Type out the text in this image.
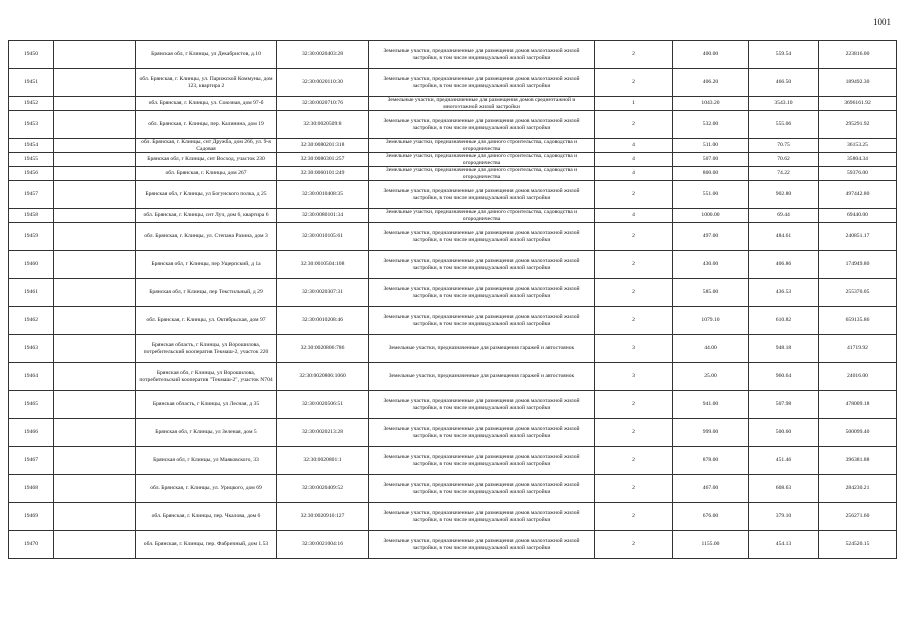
1001
19450		Брянская обл, г Клинцы, ул Декабристов, д.10	32:30:0020403:28	Земельные участки, предназначенные для размещения домов малоэтажной жилой застройки, в том числе индивидуальной жилой застройки	2	400.00	559.54	223816.00
19451		обл. Брянская, г. Клинцы, ул. Парижской Коммуны, дом 123, квартира 2	32:30:0020110:30	Земельные участки, предназначенные для размещения домов малоэтажной жилой застройки, в том числе индивидуальной жилой застройки	2	406.20	466.50	189492.30
19452		обл. Брянская, г. Клинцы, ул. Союзная, дом 97-б	32:30:0020710:76	Земельные участки, предназначенные для размещения домов среднеэтажной и многоэтажной жилой застройки	1	1043.20	3543.10	3696161.92
19453		обл. Брянская, г. Клинцы, пер. Калинина, дом 19	32:30:0020509:8	Земельные участки, предназначенные для размещения домов малоэтажной жилой застройки, в том числе индивидуальной жилой застройки	2	532.00	555.06	295291.92
19454		обл. Брянская, г. Клинцы, снт Дружба, дом 266, ул. 9-я Садовая	32:30:0080201:318	Земельные участки, предназначенные для дачного строительства, садоводства и огородничества	4	511.00	70.75	36153.25
19455		Брянская обл, г Клинцы, снт Восход, участок 230	32:30:0080301:257	Земельные участки, предназначенные для дачного строительства, садоводства и огородничества	4	507.00	70.62	35804.34
19456		обл. Брянская, г. Клинцы, дом 267	32:30:0060101:249	Земельные участки, предназначенные для дачного строительства, садоводства и огородничества	4	800.00	74.22	59376.00
19457		Брянская обл, г Клинцы, ул Богунского полка, д 25	32:30:0010408:35	Земельные участки, предназначенные для размещения домов малоэтажной жилой застройки, в том числе индивидуальной жилой застройки	2	551.00	902.80	497442.80
19458		обл. Брянская, г. Клинцы, снт Луч, дом 6, квартира 6	32:30:0080101:34	Земельные участки, предназначенные для дачного строительства, садоводства и огородничества	4	1000.00	69.44	69440.00
19459		обл. Брянская, г. Клинцы, ул. Степана Разина, дом 3	32:30:0010105:61	Земельные участки, предназначенные для размещения домов малоэтажной жилой застройки, в том числе индивидуальной жилой застройки	2	497.00	484.61	240851.17
19460		Брянская обл, г Клинцы, пер Ущерпский, д 1а	32:30:0010504:108	Земельные участки, предназначенные для размещения домов малоэтажной жилой застройки, в том числе индивидуальной жилой застройки	2	430.00	406.86	174949.80
19461		Брянская обл, г Клинцы, пер Текстильный, д 29	32:30:0020307:31	Земельные участки, предназначенные для размещения домов малоэтажной жилой застройки, в том числе индивидуальной жилой застройки	2	585.00	436.53	255370.05
19462		обл. Брянская, г. Клинцы, ул. Октябрьская, дом 97	32:30:0010208:46	Земельные участки, предназначенные для размещения домов малоэтажной жилой застройки, в том числе индивидуальной жилой застройки	2	1079.10	610.82	659135.86
19463		Брянская область, г Клинцы, ул Ворошилова, потребительский кооператив Текмаш-2, участок 220	32:30:0020806:786	Земельные участки, предназначенные для размещения гаражей и автостоянок	3	44.00	948.18	41719.92
19464		Брянская обл, г Клинцы, ул Ворошилова, потребительский кооператив "Текмаш-2", участок N704	32:30:0020806:1060	Земельные участки, предназначенные для размещения гаражей и автостоянок	3	25.00	960.64	24016.00
19465		Брянская область, г Клинцы, ул Лесная, д 35	32:30:0020506:51	Земельные участки, предназначенные для размещения домов малоэтажной жилой застройки, в том числе индивидуальной жилой застройки	2	941.00	507.98	478009.18
19466		Брянская обл, г Клинцы, ул Зеленая, дом 5	32:30:0020213:28	Земельные участки, предназначенные для размещения домов малоэтажной жилой застройки, в том числе индивидуальной жилой застройки	2	999.00	500.60	500099.40
19467		Брянская обл, г Клинцы, ул Маяковского, 33	32:30:0020801:1	Земельные участки, предназначенные для размещения домов малоэтажной жилой застройки, в том числе индивидуальной жилой застройки	2	878.00	451.46	396381.88
19468		обл. Брянская, г. Клинцы, ул. Урицкого, дом 69	32:30:0020409:52	Земельные участки, предназначенные для размещения домов малоэтажной жилой застройки, в том числе индивидуальной жилой застройки	2	467.00	608.63	284230.21
19469		обл. Брянская, г. Клинцы, пер. Чкалова, дом 6	32:30:0020910:127	Земельные участки, предназначенные для размещения домов малоэтажной жилой застройки, в том числе индивидуальной жилой застройки	2	676.00	379.10	256271.60
19470		обл. Брянская, г. Клинцы, пер. Фабричный, дом 1.53	32:30:0021004:16	Земельные участки, предназначенные для размещения домов малоэтажной жилой застройки, в том числе индивидуальной жилой застройки	2	1155.00	454.13	524520.15
